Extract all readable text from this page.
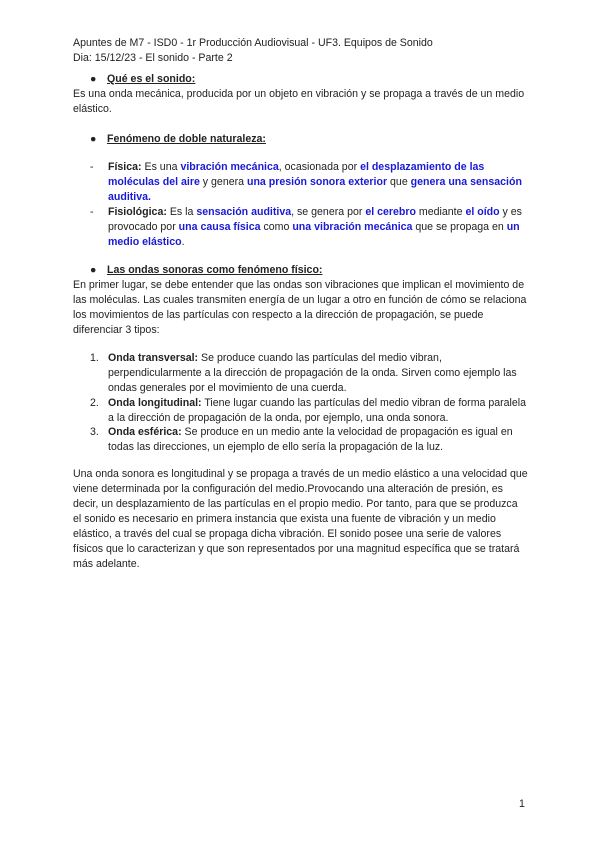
Apuntes de M7 - ISD0 - 1r Producción Audiovisual - UF3. Equipos de Sonido
Dia: 15/12/23 - El sonido - Parte 2
● Qué es el sonido:
Es una onda mecánica, producida por un objeto en vibración y se propaga a través de un medio elástico.
● Fenómeno de doble naturaleza:
- Física: Es una vibración mecánica, ocasionada por el desplazamiento de las moléculas del aire y genera una presión sonora exterior que genera una sensación auditiva.
- Fisiológica: Es la sensación auditiva, se genera por el cerebro mediante el oído y es provocado por una causa física como una vibración mecánica que se propaga en un medio elástico.
● Las ondas sonoras como fenómeno físico:
En primer lugar, se debe entender que las ondas son vibraciones que implican el movimiento de las moléculas. Las cuales transmiten energía de un lugar a otro en función de cómo se relaciona los movimientos de las partículas con respecto a la dirección de propagación, se puede diferenciar 3 tipos:
1. Onda transversal: Se produce cuando las partículas del medio vibran, perpendicularmente a la dirección de propagación de la onda. Sirven como ejemplo las ondas generales por el movimiento de una cuerda.
2. Onda longitudinal: Tiene lugar cuando las partículas del medio vibran de forma paralela a la dirección de propagación de la onda, por ejemplo, una onda sonora.
3. Onda esférica: Se produce en un medio ante la velocidad de propagación es igual en todas las direcciones, un ejemplo de ello sería la propagación de la luz.
Una onda sonora es longitudinal y se propaga a través de un medio elástico a una velocidad que viene determinada por la configuración del medio.Provocando una alteración de presión, es decir, un desplazamiento de las partículas en el propio medio. Por tanto, para que se produzca el sonido es necesario en primera instancia que exista una fuente de vibración y un medio elástico, a través del cual se propaga dicha vibración. El sonido posee una serie de valores físicos que lo caracterizan y que son representados por una magnitud específica que se tratará más adelante.
1
